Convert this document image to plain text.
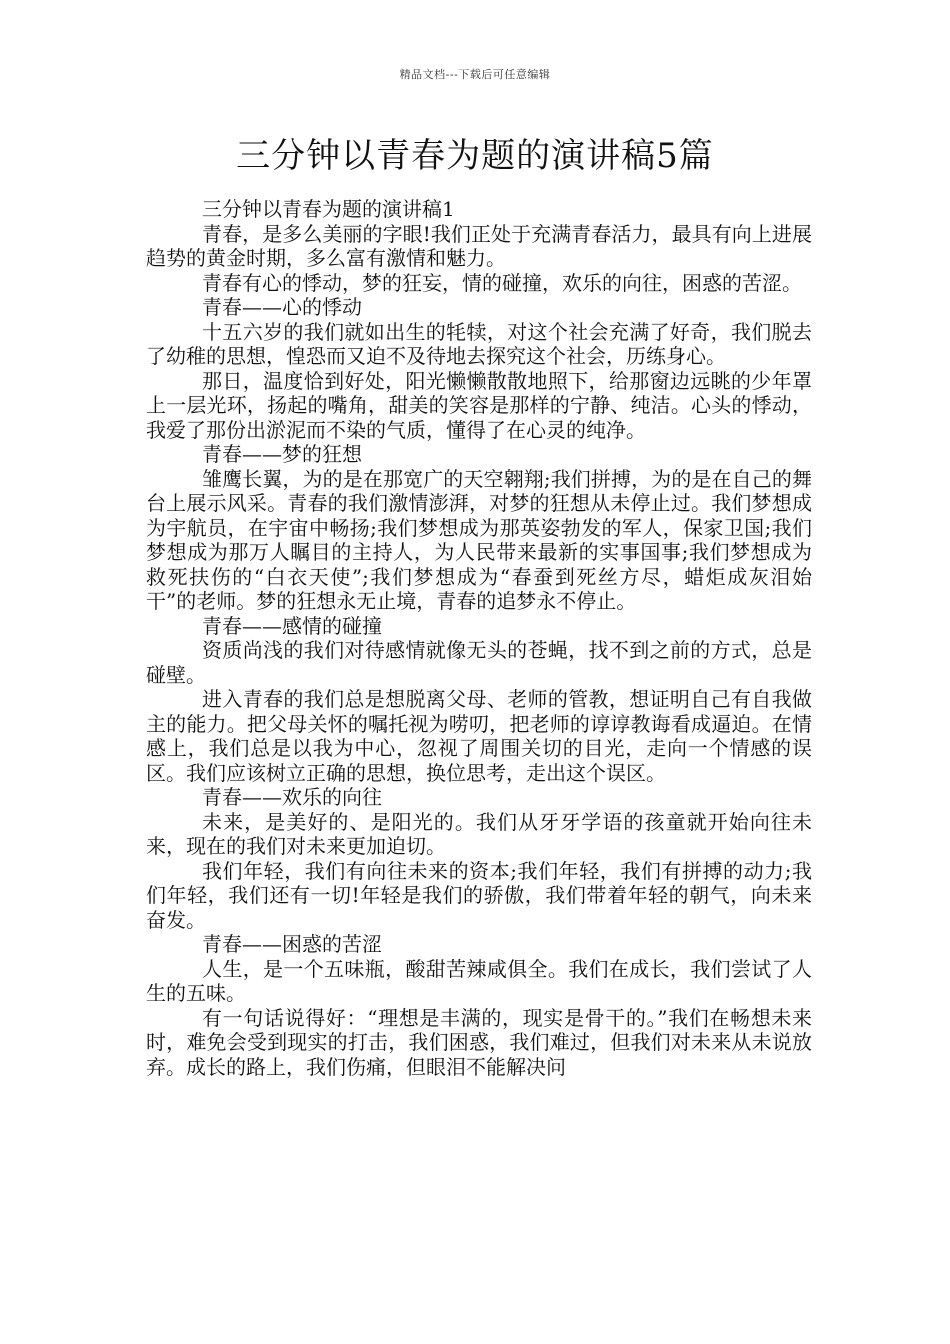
精品文档---下载后可任意编辑
三分钟以青春为题的演讲稿5篇

三分钟以青春为题的演讲稿1

青春，是多么美丽的字眼!我们正处于充满青春活力，最具有向上进展趋势的黄金时期，多么富有激情和魅力。

青春有心的悸动，梦的狂妄，情的碰撞，欢乐的向往，困惑的苦涩。

青春——心的悸动

十五六岁的我们就如出生的牦犊，对这个社会充满了好奇，我们脱去了幼稚的思想，惶恐而又迫不及待地去探究这个社会，历练身心。

那日，温度恰到好处，阳光懒懒散散地照下，给那窗边远眺的少年罩上一层光环，扬起的嘴角，甜美的笑容是那样的宁静、纯洁。心头的悸动，我爱了那份出淤泥而不染的气质，懂得了在心灵的纯净。

青春——梦的狂想

雏鹰长翼，为的是在那宽广的天空翱翔;我们拼搏，为的是在自己的舞台上展示风采。青春的我们激情澎湃，对梦的狂想从未停止过。我们梦想成为宇航员，在宇宙中畅扬;我们梦想成为那英姿勃发的军人，保家卫国;我们梦想成为那万人瞩目的主持人，为人民带来最新的实事国事;我们梦想成为救死扶伤的“白衣天使”;我们梦想成为“春蚕到死丝方尽，蜡炬成灰泪始干”的老师。梦的狂想永无止境，青春的追梦永不停止。

青春——感情的碰撞

资质尚浅的我们对待感情就像无头的苍蝇，找不到之前的方式，总是碰壁。

进入青春的我们总是想脱离父母、老师的管教，想证明自己有自我做主的能力。把父母关怀的嘱托视为唠叨，把老师的谆谆教诲看成逼迫。在情感上，我们总是以我为中心，忽视了周围关切的目光，走向一个情感的误区。我们应该树立正确的思想，换位思考，走出这个误区。

青春——欢乐的向往

未来，是美好的、是阳光的。我们从牙牙学语的孩童就开始向往未来，现在的我们对未来更加迫切。

我们年轻，我们有向往未来的资本;我们年轻，我们有拼搏的动力;我们年轻，我们还有一切!年轻是我们的骄傲，我们带着年轻的朝气，向未来奋发。

青春——困惑的苦涩

人生，是一个五味瓶，酸甜苦辣咸俱全。我们在成长，我们尝试了人生的五味。

有一句话说得好：“理想是丰满的，现实是骨干的。”我们在畅想未来时，难免会受到现实的打击，我们困惑，我们难过，但我们对未来从未说放弃。成长的路上，我们伤痛，但眼泪不能解决问
